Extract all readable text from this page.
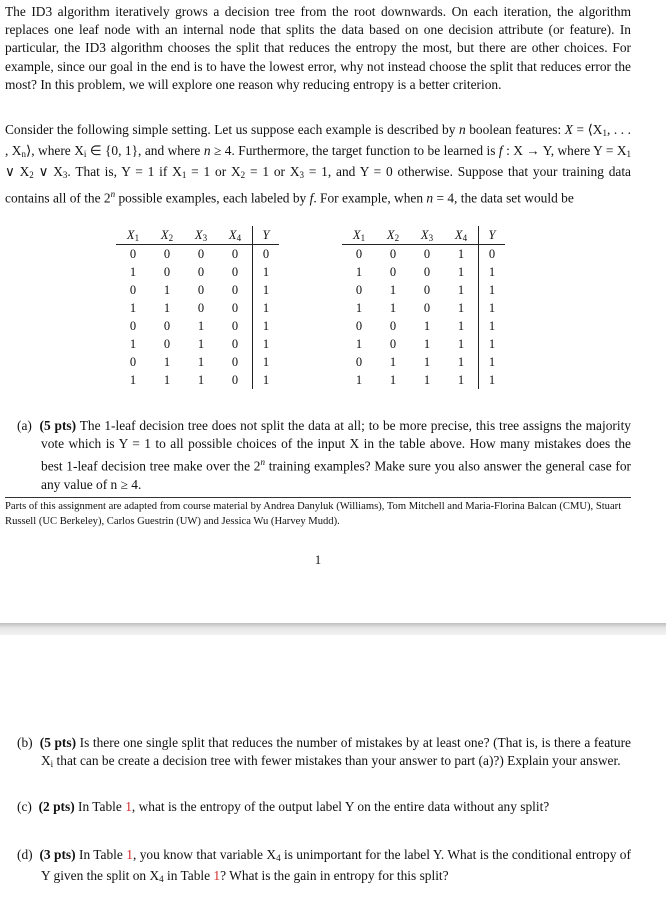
The ID3 algorithm iteratively grows a decision tree from the root downwards. On each iteration, the algorithm replaces one leaf node with an internal node that splits the data based on one decision attribute (or feature). In particular, the ID3 algorithm chooses the split that reduces the entropy the most, but there are other choices. For example, since our goal in the end is to have the lowest error, why not instead choose the split that reduces error the most? In this problem, we will explore one reason why reducing entropy is a better criterion.
Consider the following simple setting. Let us suppose each example is described by n boolean features: $X = ⟨X_1$, . . . , $X_n⟩$, where $X_i$ ∈ {0, 1}, and where n ≥ 4. Furthermore, the target function to be learned is f : X → Y, where $Y = X_1$ ∨ $X_2$ ∨ $X_3$. That is, Y = 1 if $X_1 = 1$ or $X_2 = 1$ or $X_3 = 1$, and Y = 0 otherwise. Suppose that your training data contains all of the 2$^n$ possible examples, each labeled by f. For example, when n = 4, the data set would be
$X_1$	$X_2$	$X_3$	$X_4$	Y
0	0	0	0	0
1	0	0	0	1
0	1	0	0	1
1	1	0	0	1
0	0	1	0	1
1	0	1	0	1
0	1	1	0	1
1	1	1	0	1
$X_1$	$X_2$	$X_3$	$X_4$	Y
0	0	0	1	0
1	0	0	1	1
0	1	0	1	1
1	1	0	1	1
0	0	1	1	1
1	0	1	1	1
0	1	1	1	1
1	1	1	1	1
(a) (5 pts) The 1-leaf decision tree does not split the data at all; to be more precise, this tree assigns the majority vote which is Y = 1 to all possible choices of the input X in the table above. How many mistakes does the best 1-leaf decision tree make over the 2$^n$ training examples? Make sure you also answer the general case for any value of n ≥ 4.
Parts of this assignment are adapted from course material by Andrea Danyluk (Williams), Tom Mitchell and Maria-Florina Balcan (CMU), Stuart Russell (UC Berkeley), Carlos Guestrin (UW) and Jessica Wu (Harvey Mudd).
1
(b) (5 pts) Is there one single split that reduces the number of mistakes by at least one? (That is, is there a feature $X_i$ that can be create a decision tree with fewer mistakes than your answer to part (a)?) Explain your answer.
(c) (2 pts) In Table 1, what is the entropy of the output label Y on the entire data without any split?
(d) (3 pts) In Table 1, you know that variable $X_4$ is unimportant for the label Y. What is the conditional entropy of Y given the split on $X_4$ in Table 1? What is the gain in entropy for this split?
